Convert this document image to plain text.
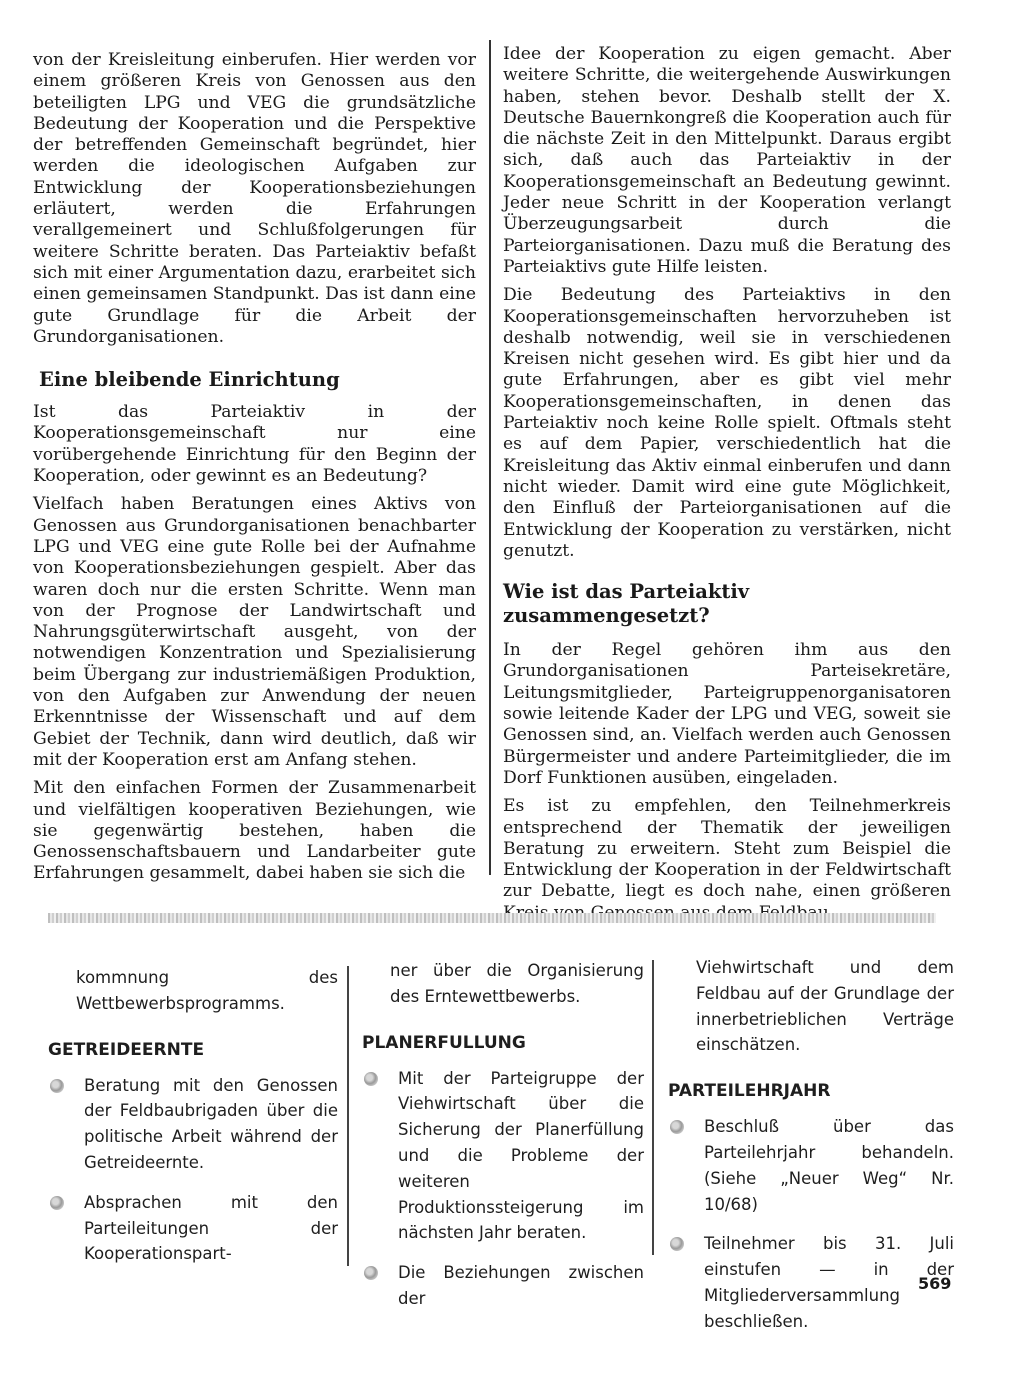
von der Kreisleitung einberufen. Hier werden vor einem größeren Kreis von Genossen aus den beteiligten LPG und VEG die grundsätzliche Bedeutung der Kooperation und die Perspektive der betreffenden Gemeinschaft begründet, hier werden die ideologischen Aufgaben zur Entwicklung der Kooperationsbeziehungen erläutert, werden die Erfahrungen verallgemeinert und Schlußfolgerungen für weitere Schritte beraten. Das Parteiaktiv befaßt sich mit einer Argumentation dazu, erarbeitet sich einen gemeinsamen Standpunkt. Das ist dann eine gute Grundlage für die Arbeit der Grundorganisationen.

Eine bleibende Einrichtung

Ist das Parteiaktiv in der Kooperationsgemeinschaft nur eine vorübergehende Einrichtung für den Beginn der Kooperation, oder gewinnt es an Bedeutung?

Vielfach haben Beratungen eines Aktivs von Genossen aus Grundorganisationen benachbarter LPG und VEG eine gute Rolle bei der Aufnahme von Kooperationsbeziehungen gespielt. Aber das waren doch nur die ersten Schritte. Wenn man von der Prognose der Landwirtschaft und Nahrungsgüterwirtschaft ausgeht, von der notwendigen Konzentration und Spezialisierung beim Übergang zur industriemäßigen Produktion, von den Aufgaben zur Anwendung der neuen Erkenntnisse der Wissenschaft und auf dem Gebiet der Technik, dann wird deutlich, daß wir mit der Kooperation erst am Anfang stehen.

Mit den einfachen Formen der Zusammenarbeit und vielfältigen kooperativen Beziehungen, wie sie gegenwärtig bestehen, haben die Genossenschaftsbauern und Landarbeiter gute Erfahrungen gesammelt, dabei haben sie sich die

Idee der Kooperation zu eigen gemacht. Aber weitere Schritte, die weitergehende Auswirkungen haben, stehen bevor. Deshalb stellt der X. Deutsche Bauernkongreß die Kooperation auch für die nächste Zeit in den Mittelpunkt. Daraus ergibt sich, daß auch das Parteiaktiv in der Kooperationsgemeinschaft an Bedeutung gewinnt. Jeder neue Schritt in der Kooperation verlangt Überzeugungsarbeit durch die Parteiorganisationen. Dazu muß die Beratung des Parteiaktivs gute Hilfe leisten.

Die Bedeutung des Parteiaktivs in den Kooperationsgemeinschaften hervorzuheben ist deshalb notwendig, weil sie in verschiedenen Kreisen nicht gesehen wird. Es gibt hier und da gute Erfahrungen, aber es gibt viel mehr Kooperationsgemeinschaften, in denen das Parteiaktiv noch keine Rolle spielt. Oftmals steht es auf dem Papier, verschiedentlich hat die Kreisleitung das Aktiv einmal einberufen und dann nicht wieder. Damit wird eine gute Möglichkeit, den Einfluß der Parteiorganisationen auf die Entwicklung der Kooperation zu verstärken, nicht genutzt.

Wie ist das Parteiaktiv zusammengesetzt?

In der Regel gehören ihm aus den Grundorganisationen Parteisekretäre, Leitungsmitglieder, Parteigruppenorganisatoren sowie leitende Kader der LPG und VEG, soweit sie Genossen sind, an. Vielfach werden auch Genossen Bürgermeister und andere Parteimitglieder, die im Dorf Funktionen ausüben, eingeladen.

Es ist zu empfehlen, den Teilnehmerkreis entsprechend der Thematik der jeweiligen Beratung zu erweitern. Steht zum Beispiel die Entwicklung der Kooperation in der Feldwirtschaft zur Debatte, liegt es doch nahe, einen größeren

kommnung des Wettbewerbsprogramms.

GETREIDEERNTE
Beratung mit den Genossen der Feldbaubrigaden über die politische Arbeit während der Getreideernte.
Absprachen mit den Parteileitungen der Kooperationspart-

ner über die Organisierung des Erntewettbewerbs.

PLANERFULLUNG
Mit der Parteigruppe der Viehwirtschaft über die Sicherung der Planerfüllung und die Probleme der weiteren Produktionssteigerung im nächsten Jahr beraten.
Die Beziehungen zwischen der

Viehwirtschaft und dem Feldbau auf der Grundlage der innerbetrieblichen Verträge einschätzen.

PARTEILEHRJAHR
Beschluß über das Parteilehrjahr behandeln. (Siehe „Neuer Weg“ Nr. 10/68)
Teilnehmer bis 31. Juli einstufen — in der Mitgliederversammlung beschließen.
569
